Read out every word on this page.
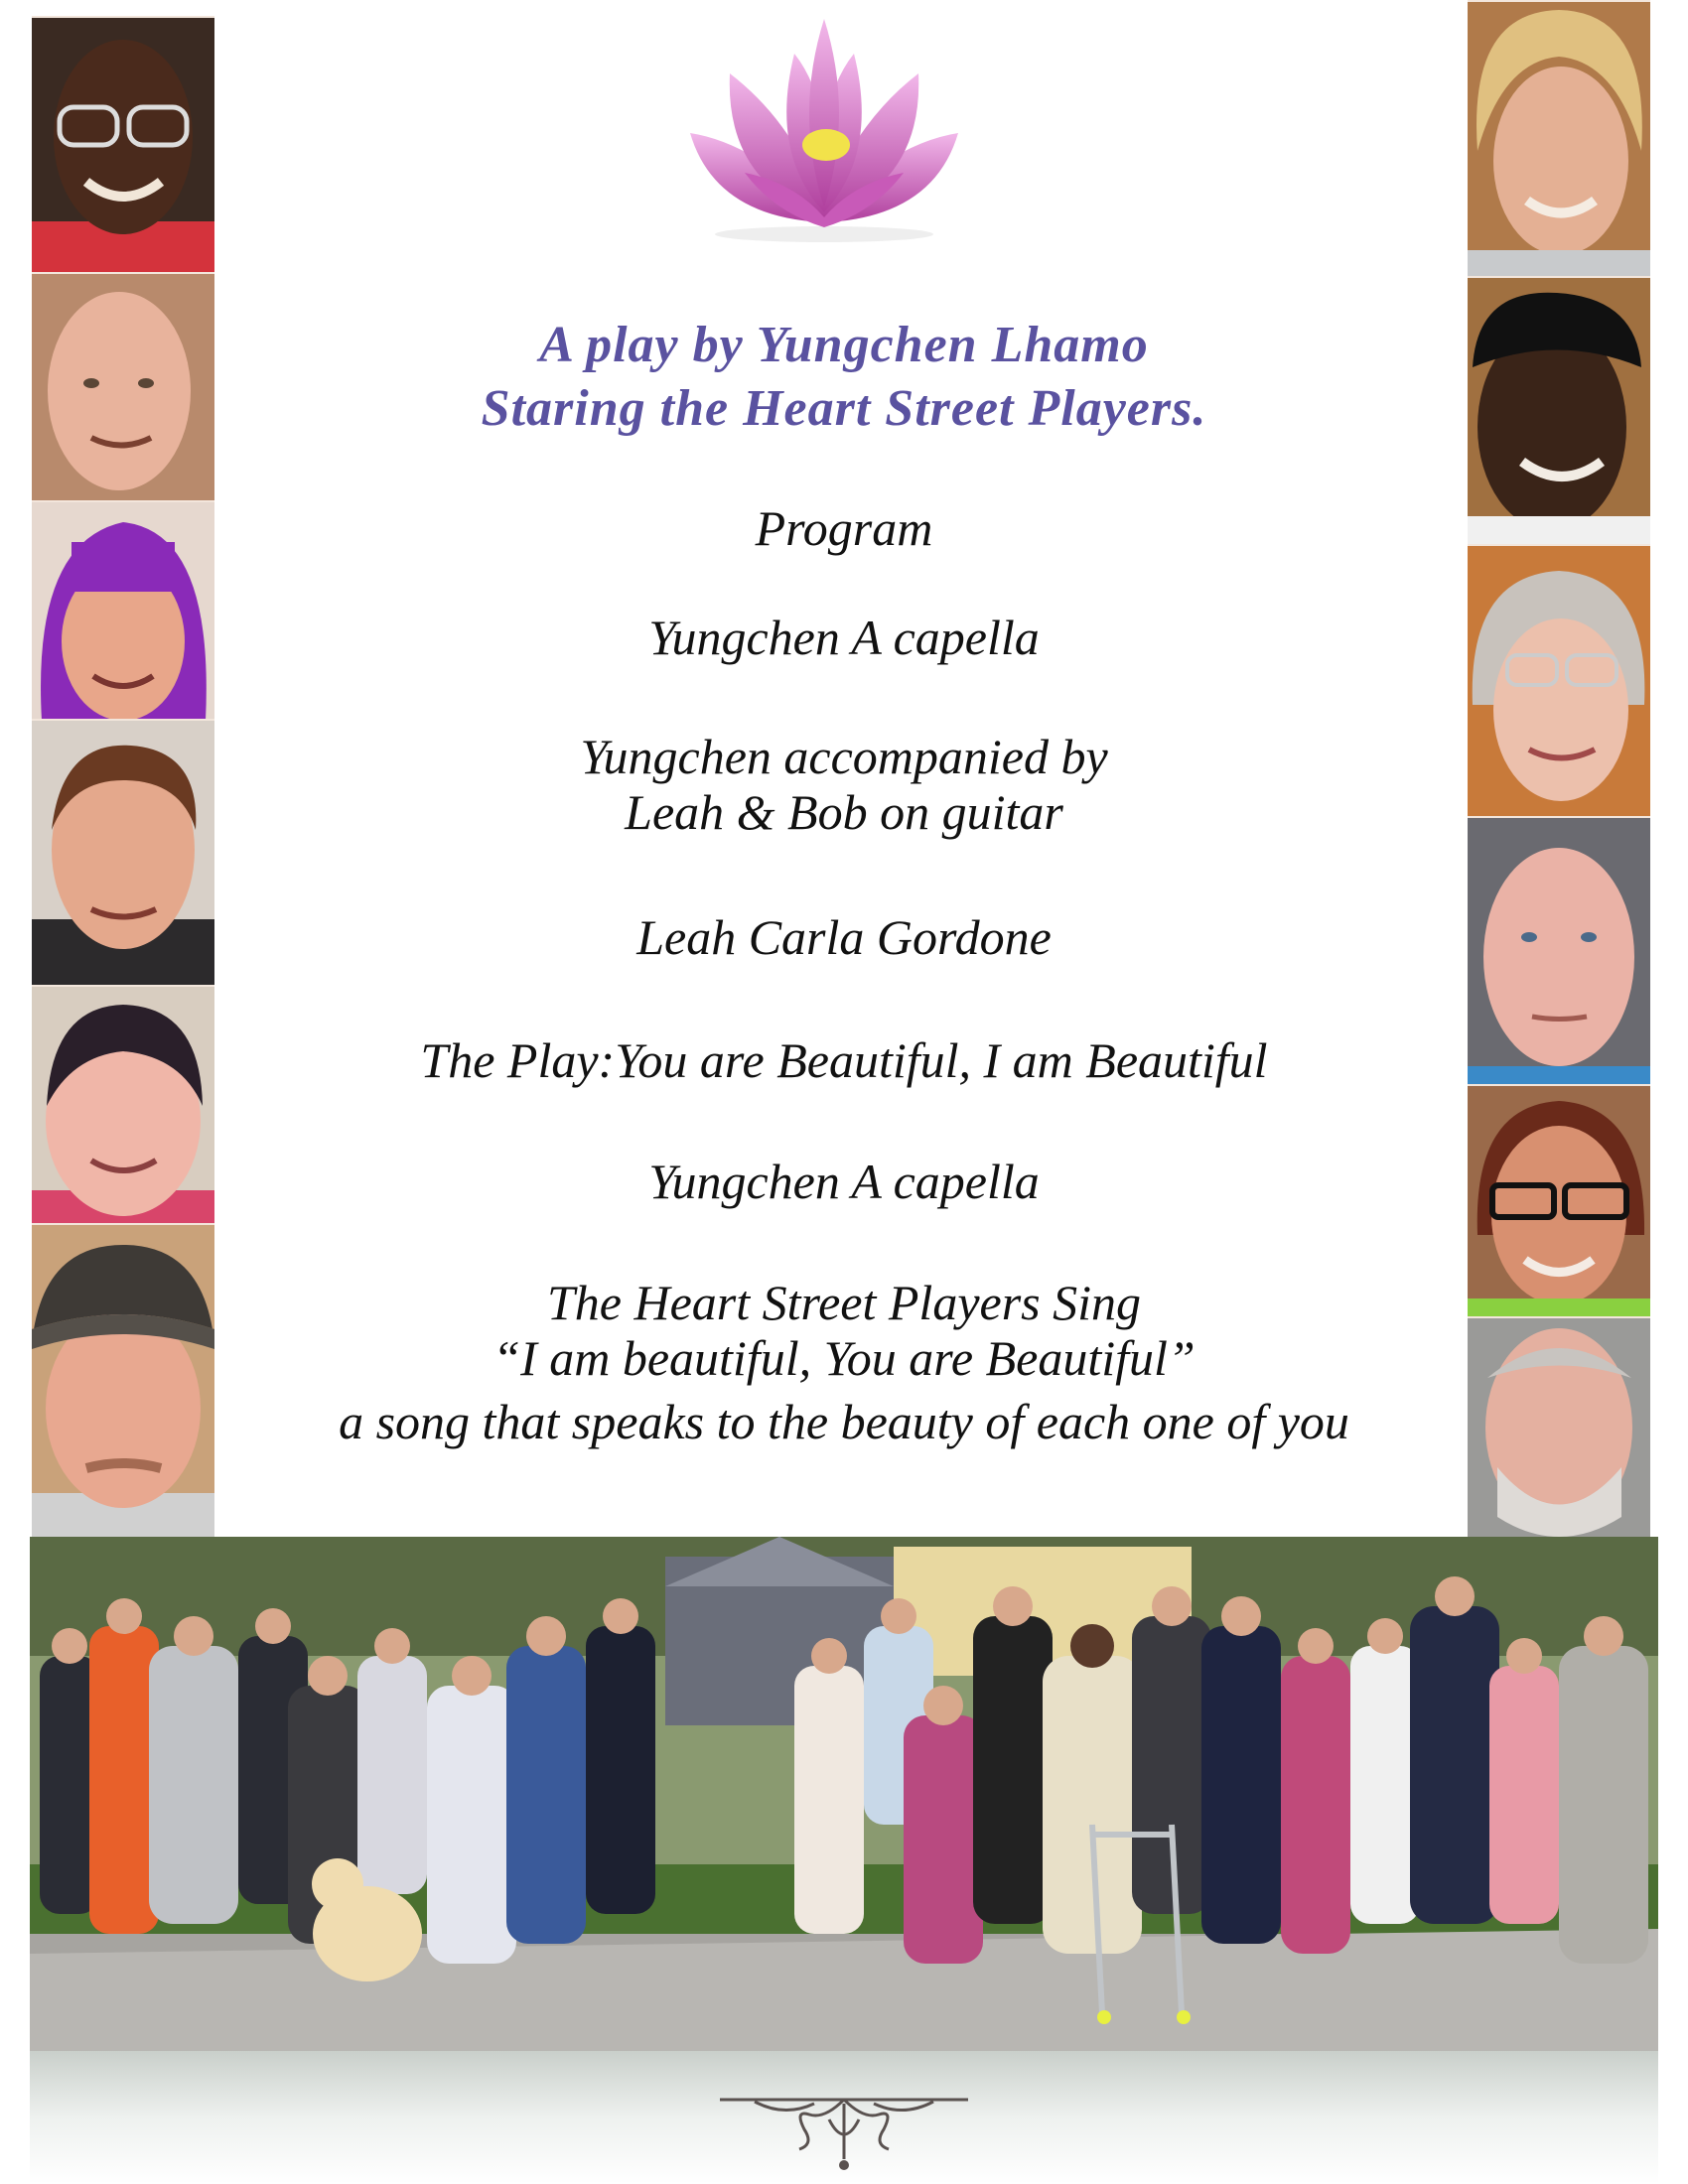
A play by Yungchen Lhamo
Staring the Heart Street Players.
Program
Yungchen A capella
Yungchen accompanied by
Leah & Bob on guitar
Leah Carla Gordone
The Play:You are Beautiful, I am Beautiful
Yungchen A capella
The Heart Street Players Sing
“I am beautiful, You are Beautiful”
a song that speaks to the beauty of each one of you
